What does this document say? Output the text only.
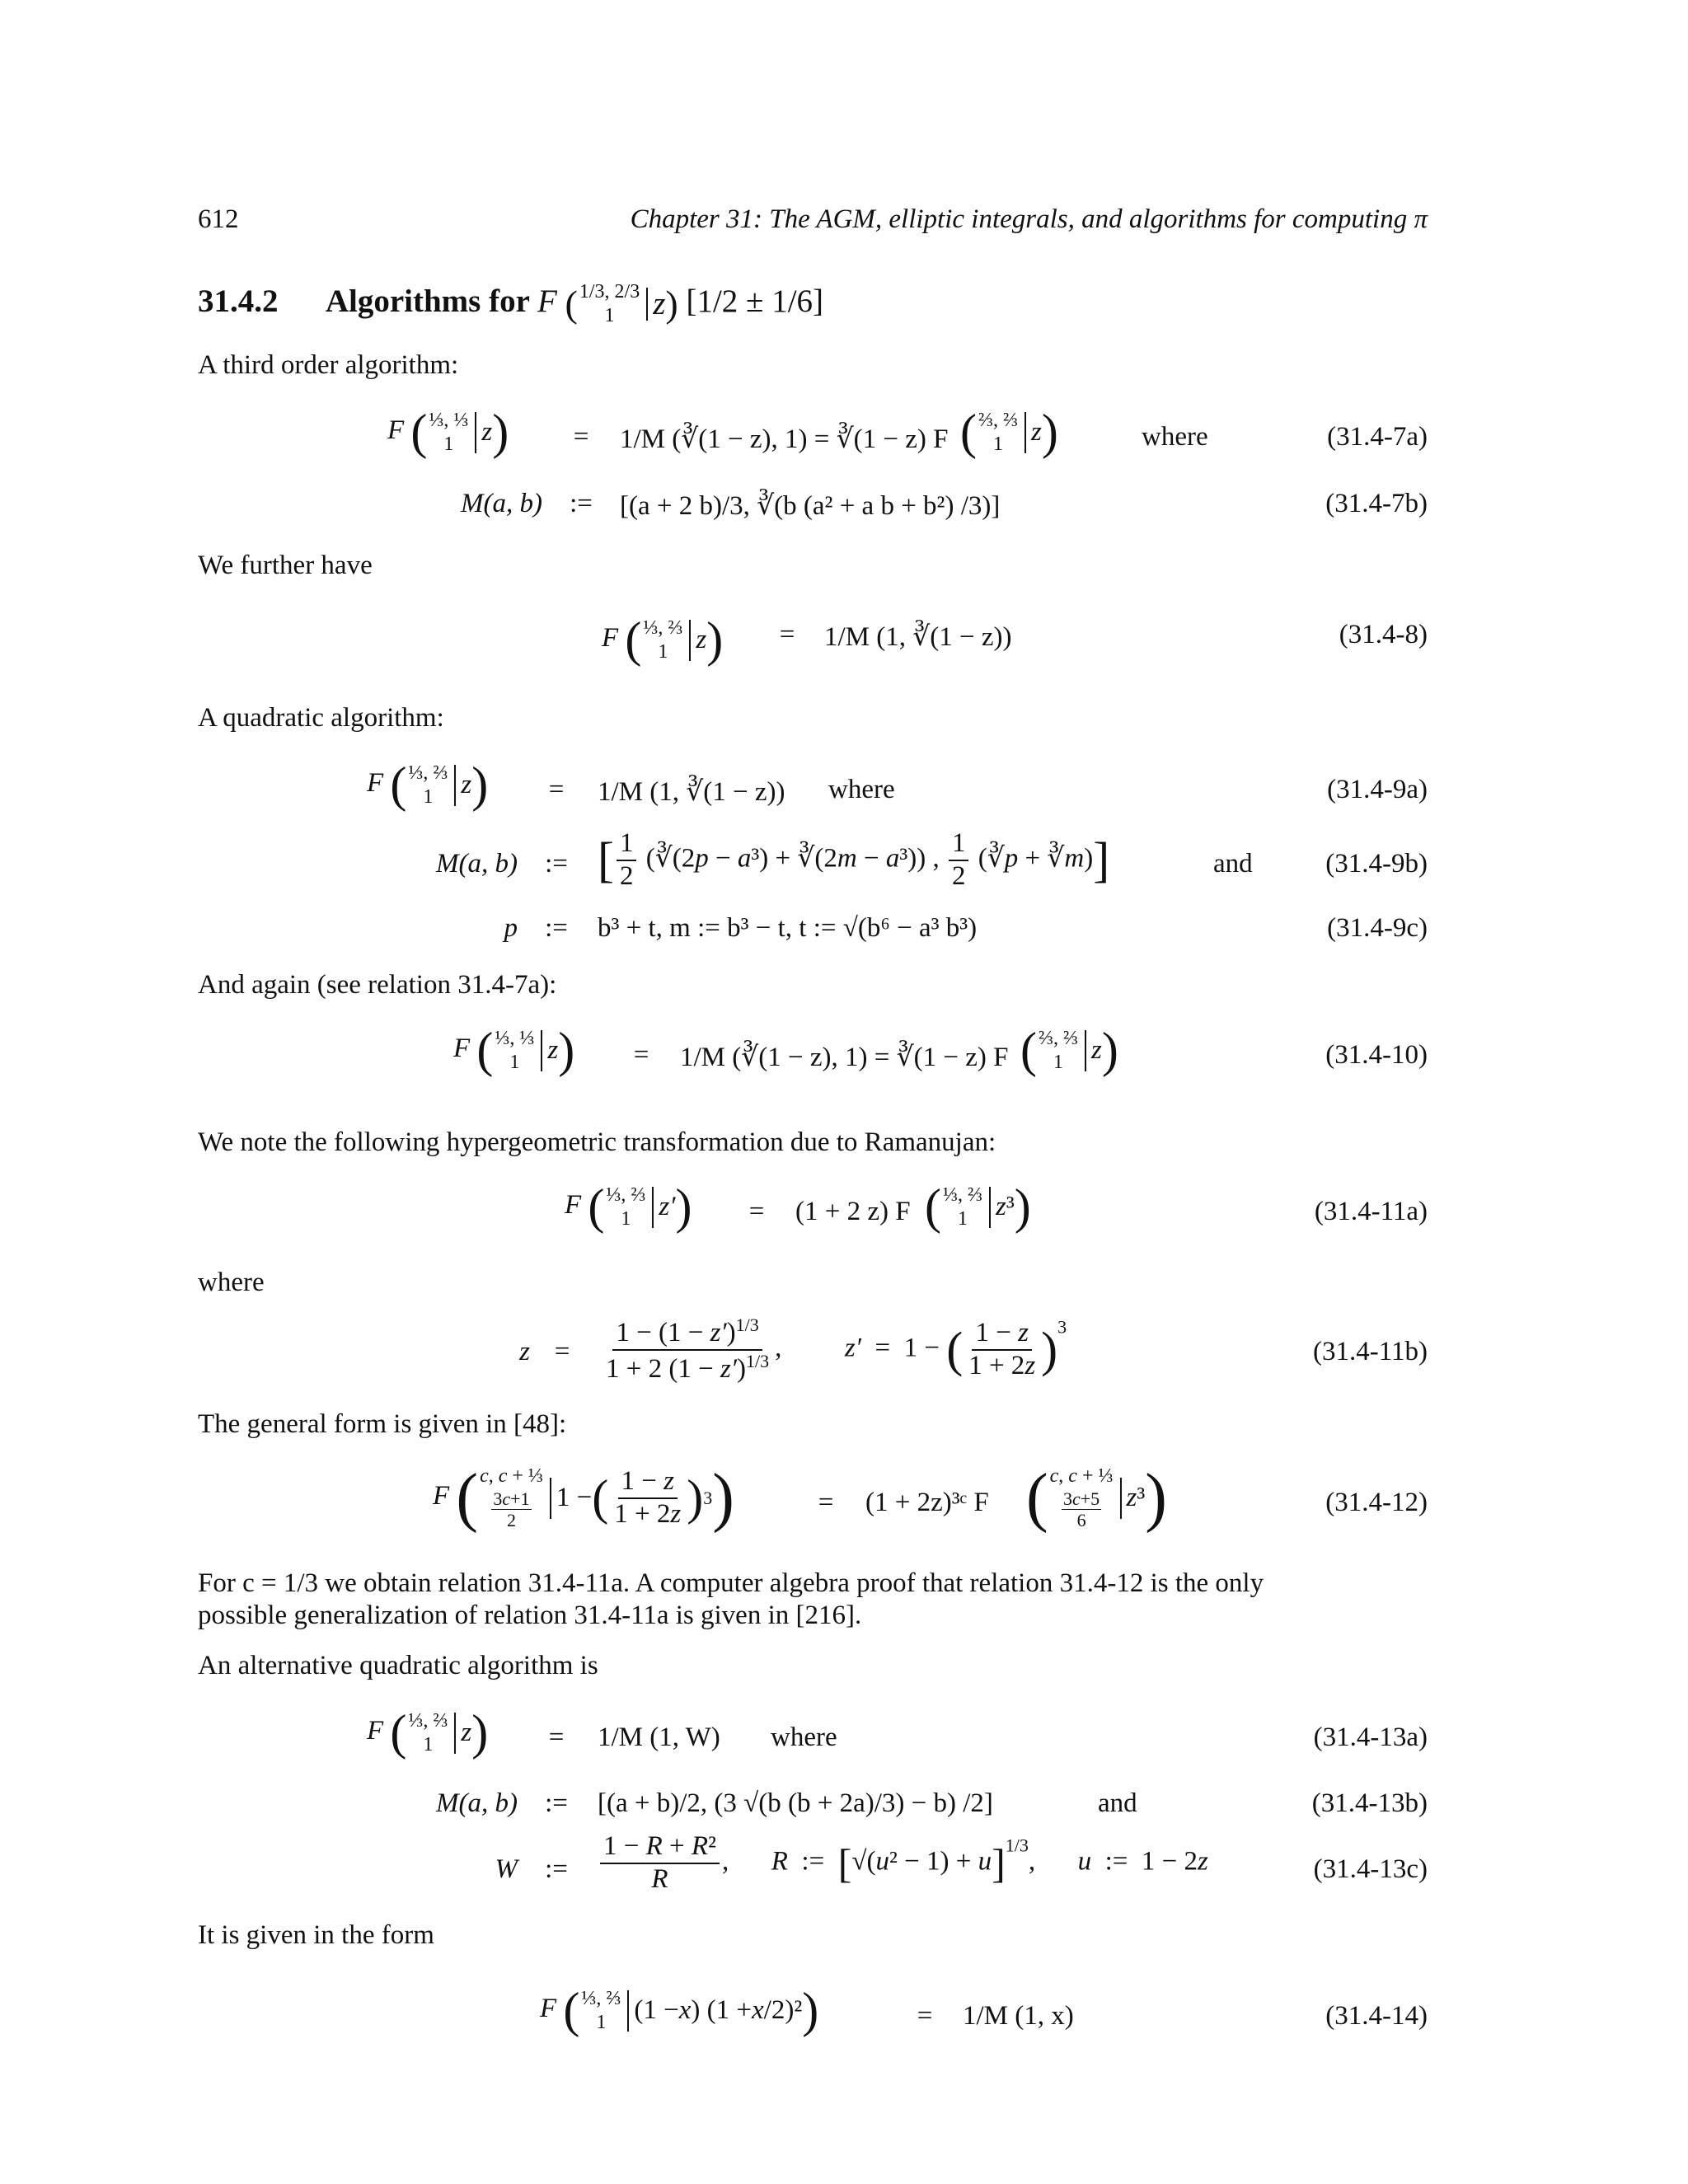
612	Chapter 31: The AGM, elliptic integrals, and algorithms for computing π
31.4.2 Algorithms for F ( 1/3, 2/3
1 z ) [1/2 ± 1/6]
A third order algorithm:
F ( ⅓, ⅓
1 z )	=	1/M (∛(1 − z), 1) = ∛(1 − z) F ( ⅔, ⅔
1 z )	where	(31.4-7a)
M(a, b)	:=	[(a + 2 b)/3, ∛(b (a² + a b + b²) /3)]	(31.4-7b)
We further have
F ( ⅓, ⅔
1 z )	=	1/M (1, ∛(1 − z))	(31.4-8)
A quadratic algorithm:
F ( ⅓, ⅔
1 z )	=	1/M (1, ∛(1 − z)) where	(31.4-9a)
M(a, b)	:= [ $\frac{1}{2}$ (∛(2p − a³) + ∛(2m − a³)) , $\frac{1}{2}$ (∛p + ∛m)]	and	(31.4-9b)
p	:=	b³ + t, m := b³ − t, t := √(b⁶ − a³ b³)	(31.4-9c)
And again (see relation 31.4-7a):
F ( ⅓, ⅓
1 z )	=	1/M (∛(1 − z), 1) = ∛(1 − z) F ( ⅔, ⅔
1 z )	(31.4-10)
We note the following hypergeometric transformation due to Ramanujan:
F ( ⅓, ⅔
1 z′ )	=	(1 + 2 z) F ( ⅓, ⅔
1 z ³ )	(31.4-11a)
where
z =	$\frac{1 - (1 - z')^{1/3}}{1 + 2 (1 - z')^{1/3}}$ ,  z′  =  1 − ( $\frac{1 - z}{1 + 2z} )^3$
(31.4-11b)
The general form is given in [48]:
F ( c, c + ⅓
$\frac{3c+1}{2} 1$ − ( $\frac{1 - z}{1 + 2z}$ ) 3 )	=	(1 + 2z)³ᶜ F ( c, c + ⅓
$\frac{3c+5}{6}$ z ³ )	(31.4-12)
For c = 1/3 we obtain relation 31.4-11a. A computer algebra proof that relation 31.4-12 is the only
possible generalization of relation 31.4-11a is given in [216].
An alternative quadratic algorithm is
F ( ⅓, ⅔
1 z )	=	1/M (1, W) where	(31.4-13a)
M(a, b)	:=	[(a + b)/2, (3 √(b (b + 2a)/3) − b) /2]	and	(31.4-13b)
W	:=	$\frac{\text{1 − R + R²}}{R}$ ,  R  :=  $[√(u^2 - 1) + u]^{1/3}$,  u  :=  1 − 2z	(31.4-13c)
It is given in the form
F ( ⅓, ⅔
1 (1 − x ) (1 + x /2)² )	=	1/M (1, x)	(31.4-14)
